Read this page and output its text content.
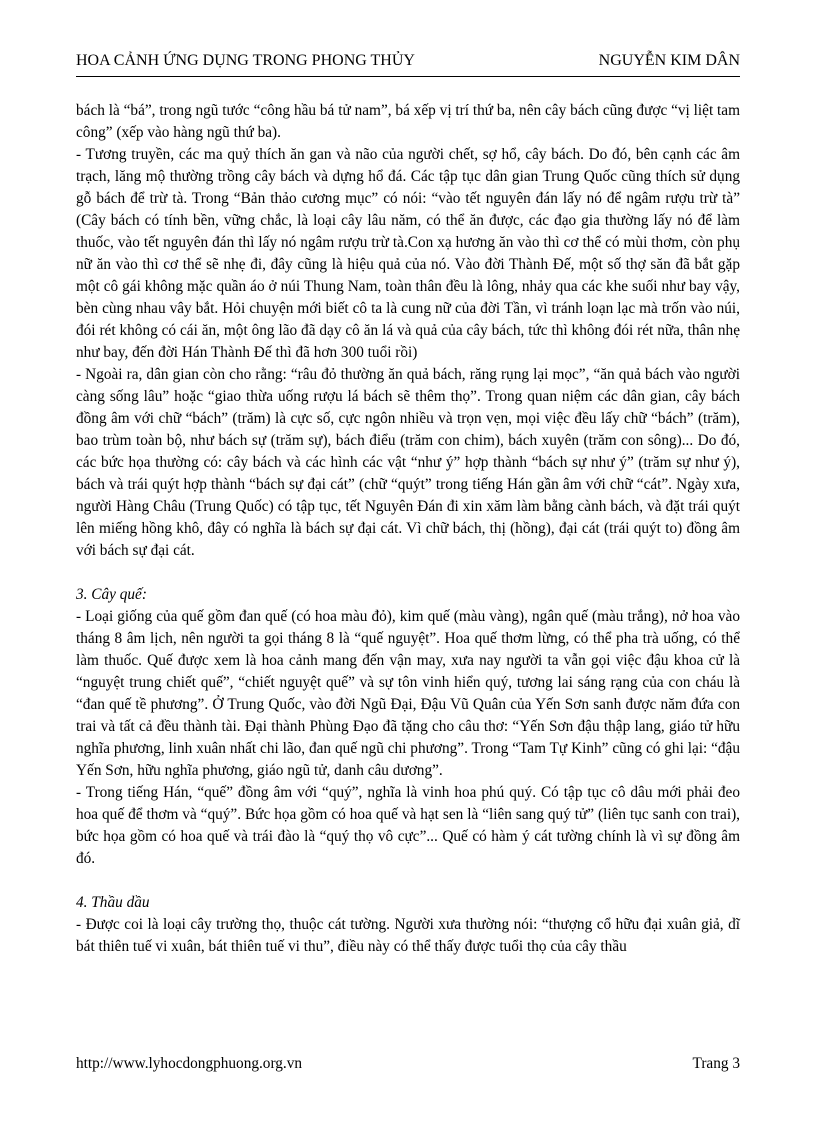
HOA CẢNH ỨNG DỤNG TRONG PHONG THỦY	NGUYỄN KIM DÂN

bách là “bá”, trong ngũ tước “công hầu bá tử nam”, bá xếp vị trí thứ ba, nên cây bách cũng được “vị liệt tam công” (xếp vào hàng ngũ thứ ba).

- Tương truyền, các ma quỷ thích ăn gan và não của người chết, sợ hổ, cây bách. Do đó, bên cạnh các âm trạch, lăng mộ thường trồng cây bách và dựng hổ đá. Các tập tục dân gian Trung Quốc cũng thích sử dụng gỗ bách để trừ tà. Trong “Bản thảo cương mục” có nói: “vào tết nguyên đán lấy nó để ngâm rượu trừ tà” (Cây bách có tính bền, vững chắc, là loại cây lâu năm, có thể ăn được, các đạo gia thường lấy nó để làm thuốc, vào tết nguyên đán thì lấy nó ngâm rượu trừ tà.Con xạ hương ăn vào thì cơ thể có mùi thơm, còn phụ nữ ăn vào thì cơ thể sẽ nhẹ đi, đây cũng là hiệu quả của nó. Vào đời Thành Đế, một số thợ săn đã bắt gặp một cô gái không mặc quần áo ở núi Thung Nam, toàn thân đều là lông, nhảy qua các khe suối như bay vậy, bèn cùng nhau vây bắt. Hỏi chuyện mới biết cô ta là cung nữ của đời Tần, vì tránh loạn lạc mà trốn vào núi, đói rét không có cái ăn, một ông lão đã dạy cô ăn lá và quả của cây bách, tức thì không đói rét nữa, thân nhẹ như bay, đến đời Hán Thành Đế thì đã hơn 300 tuổi rồi)

- Ngoài ra, dân gian còn cho rằng: “râu đỏ thường ăn quả bách, răng rụng lại mọc”, “ăn quả bách vào người càng sống lâu” hoặc “giao thừa uống rượu lá bách sẽ thêm thọ”. Trong quan niệm các dân gian, cây bách đồng âm với chữ “bách” (trăm) là cực số, cực ngôn nhiều và trọn vẹn, mọi việc đều lấy chữ “bách” (trăm), bao trùm toàn bộ, như bách sự (trăm sự), bách điểu (trăm con chim), bách xuyên (trăm con sông)... Do đó, các bức họa thường có: cây bách và các hình các vật “như ý” hợp thành “bách sự như ý” (trăm sự như ý), bách và trái quýt hợp thành “bách sự đại cát” (chữ “quýt” trong tiếng Hán gần âm với chữ “cát”. Ngày xưa, người Hàng Châu (Trung Quốc) có tập tục, tết Nguyên Đán đi xin xăm làm bằng cành bách, và đặt trái quýt lên miếng hồng khô, đây có nghĩa là bách sự đại cát. Vì chữ bách, thị (hồng), đại cát (trái quýt to) đồng âm với bách sự đại cát.

3. Cây quế:

- Loại giống của quế gồm đan quế (có hoa màu đỏ), kim quế (màu vàng), ngân quế (màu trắng), nở hoa vào tháng 8 âm lịch, nên người ta gọi tháng 8 là “quế nguyệt”. Hoa quế thơm lừng, có thể pha trà uống, có thể làm thuốc. Quế được xem là hoa cảnh mang đến vận may, xưa nay người ta vẫn gọi việc đậu khoa cử là “nguyệt trung chiết quế”, “chiết nguyệt quế” và sự tôn vinh hiển quý, tương lai sáng rạng của con cháu là “đan quế tề phương”. Ở Trung Quốc, vào đời Ngũ Đại, Đậu Vũ Quân của Yến Sơn sanh được năm đứa con trai và tất cả đều thành tài. Đại thành Phùng Đạo đã tặng cho câu thơ: “Yến Sơn đậu thập lang, giáo tử hữu nghĩa phương, linh xuân nhất chi lão, đan quế ngũ chi phương”. Trong “Tam Tự Kinh” cũng có ghi lại: “đậu Yến Sơn, hữu nghĩa phương, giáo ngũ tử, danh câu dương”.

- Trong tiếng Hán, “quế” đồng âm với “quý”, nghĩa là vinh hoa phú quý. Có tập tục cô dâu mới phải đeo hoa quế để thơm và “quý”. Bức họa gồm có hoa quế và hạt sen là “liên sang quý tử” (liên tục sanh con trai), bức họa gồm có hoa quế và trái đào là “quý thọ vô cực”... Quế có hàm ý cát tường chính là vì sự đồng âm đó.

4. Thầu dầu

- Được coi là loại cây trường thọ, thuộc cát tường. Người xưa thường nói: “thượng cổ hữu đại xuân giả, dĩ bát thiên tuế vi xuân, bát thiên tuế vi thu”, điều này có thể thấy được tuổi thọ của cây thầu

http://www.lyhocdongphuong.org.vn	Trang 3
